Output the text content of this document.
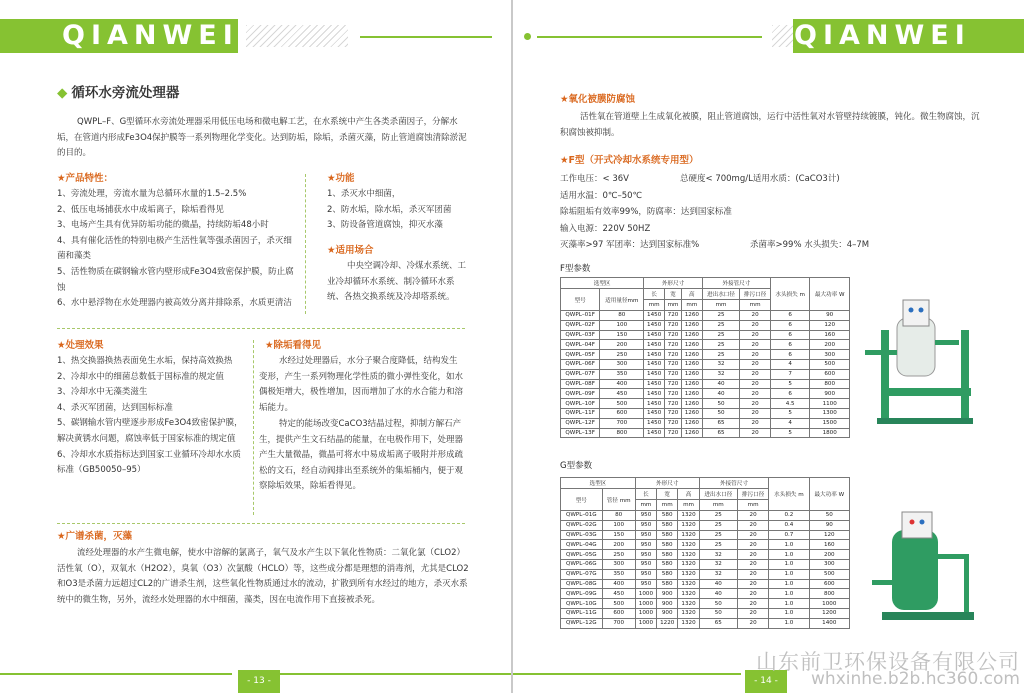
QIANWEI
◆ 循环水旁流处理器
QWPL–F、G型循环水旁流处理器采用低压电场和微电解工艺，在水系统中产生各类杀菌因子，分解水垢，在管道内形成Fe3O4保护膜等一系列物理化学变化。达到防垢，除垢，杀菌灭藻，防止管道腐蚀清除淤泥的目的。
★产品特性：
1、旁流处理，旁流水量为总循环水量的1.5–2.5%
2、低压电场捕获水中成垢离子，除垢看得见
3、电场产生具有优异防垢功能的微晶，持续防垢48小时
4、具有催化活性的特别电极产生活性氧等强杀菌因子，杀灭细菌和藻类
5、活性物质在碳钢输水管内壁形成Fe3O4致密保护膜，防止腐蚀
6、水中悬浮物在水处理器内被高效分离并排除系，水质更清洁
★功能
1、杀灭水中细菌，
2、防水垢，除水垢，杀灭军团菌
3、防设备管道腐蚀，抑灭水藻
★适用场合
中央空调冷却、冷煤水系统、工业冷却循环水系统、制冷循环水系统、各热交换系统及冷却塔系统。
★处理效果
1、热交换器换热表面免生水垢，保持高效换热
2、冷却水中的细菌总数低于国标准的规定值
3、冷却水中无藻类滋生
4、杀灭军团菌，达到国标标准
5、碳钢输水管内壁逐步形成Fe3O4致密保护膜，解决黄锈水问题，腐蚀率低于国家标准的规定值
6、冷却水水质指标达到国家工业循环冷却水水质标准（GB50050–95）
★除垢看得见
水经过处理器后，水分子聚合度降低，结构发生变形，产生一系列物理化学性质的微小弹性变化，如水偶极矩增大，极性增加，因而增加了水的水合能力和溶垢能力。
特定的能场改变CaCO3结晶过程，抑制方解石产生，提供产生文石结晶的能量，在电极作用下，处理器产生大量微晶，微晶可将水中易成垢离子吸附并形成疏松的文石，经自动阀排出至系统外的集垢桶内，便于观察除垢效果，除垢看得见。
★广谱杀菌，灭藻
流经处理器的水产生微电解，使水中溶解的氯离子，氧气及水产生以下氧化性物质：二氧化氯（CLO2）活性氧（O），双氧水（H2O2），臭氧（O3）次氯酸（HCLO）等，这些成分都是理想的消毒剂，尤其是CLO2和O3是杀菌力远超过CL2的广谱杀生剂，这些氧化性物质通过水的流动，扩散到所有水经过的地方，杀灭水系统中的微生物，另外，流经水处理器的水中细菌，藻类，因在电流作用下直接被杀死。
- 13 -
QIANWEI
★氧化被膜防腐蚀
活性氧在管道壁上生成氧化被膜，阻止管道腐蚀，运行中活性氧对水管壁持续镀膜，钝化。微生物腐蚀，沉积腐蚀被抑制。
★F型（开式冷却水系统专用型）
工作电压：< 36V	总硬度< 700mg/L适用水质：(CaCO3计)
适用水温：0℃–50℃
除垢阻垢有效率99%，防腐率：达到国家标准
输入电源：220V 50HZ
灭藻率>97 军团率：达到国家标准%	杀菌率>99% 水头损失：4–7M
F型参数
选型区		外形尺寸			外接管尺寸		水头损失 m	最大功率 W
型号	适用量径mm	长	宽	高	进出水口径	排污口径		
		mm	mm	mm	mm	mm		
QWPL–01F	80	1450	720	1260	25	20	6	90
QWPL–02F	100	1450	720	1260	25	20	6	120
QWPL–03F	150	1450	720	1260	25	20	6	160
QWPL–04F	200	1450	720	1260	25	20	6	200
QWPL–05F	250	1450	720	1260	25	20	6	300
QWPL–06F	300	1450	720	1260	32	20	4	500
QWPL–07F	350	1450	720	1260	32	20	7	600
QWPL–08F	400	1450	720	1260	40	20	5	800
QWPL–09F	450	1450	720	1260	40	20	6	900
QWPL–10F	500	1450	720	1260	50	20	4.5	1100
QWPL–11F	600	1450	720	1260	50	20	5	1300
QWPL–12F	700	1450	720	1260	65	20	4	1500
QWPL–13F	800	1450	720	1260	65	20	5	1800
G型参数
选型区		外形尺寸			外接管尺寸		水头损失 m	最大功率 W
型号	管径 mm	长	宽	高	进出水口径	排污口径		
		mm	mm	mm	mm	mm		
QWPL–01G	80	950	580	1320	25	20	0.2	50
QWPL–02G	100	950	580	1320	25	20	0.4	90
QWPL–03G	150	950	580	1320	25	20	0.7	120
QWPL–04G	200	950	580	1320	25	20	1.0	160
QWPL–05G	250	950	580	1320	32	20	1.0	200
QWPL–06G	300	950	580	1320	32	20	1.0	300
QWPL–07G	350	950	580	1320	32	20	1.0	500
QWPL–08G	400	950	580	1320	40	20	1.0	600
QWPL–09G	450	1000	900	1320	40	20	1.0	800
QWPL–10G	500	1000	900	1320	50	20	1.0	1000
QWPL–11G	600	1000	900	1320	50	20	1.0	1200
QWPL–12G	700	1000	1220	1320	65	20	1.0	1400
- 14 -
山东前卫环保设备有限公司
whxinhe.b2b.hc360.com
